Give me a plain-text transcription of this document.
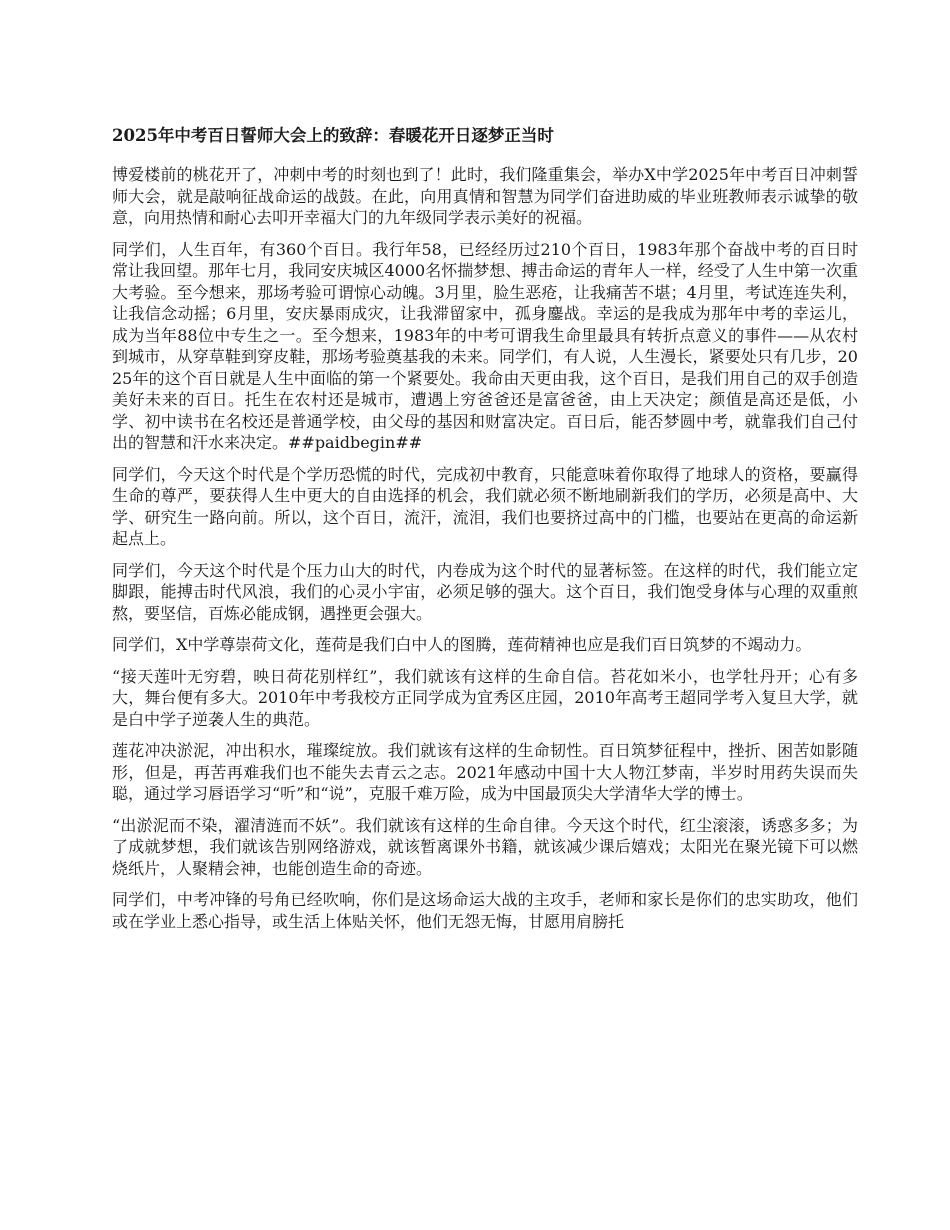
2025年中考百日誓师大会上的致辞：春暖花开日逐梦正当时

博爱楼前的桃花开了，冲刺中考的时刻也到了！此时，我们隆重集会，举办X中学2025年中考百日冲刺誓师大会，就是敲响征战命运的战鼓。在此，向用真情和智慧为同学们奋进助威的毕业班教师表示诚挚的敬意，向用热情和耐心去叩开幸福大门的九年级同学表示美好的祝福。

同学们，人生百年，有360个百日。我行年58，已经经历过210个百日，1983年那个奋战中考的百日时常让我回望。那年七月，我同安庆城区4000名怀揣梦想、搏击命运的青年人一样，经受了人生中第一次重大考验。至今想来，那场考验可谓惊心动魄。3月里，脸生恶疮，让我痛苦不堪；4月里，考试连连失利，让我信念动摇；6月里，安庆暴雨成灾，让我滞留家中，孤身鏖战。幸运的是我成为那年中考的幸运儿，成为当年88位中专生之一。至今想来，1983年的中考可谓我生命里最具有转折点意义的事件——从农村到城市，从穿草鞋到穿皮鞋，那场考验奠基我的未来。同学们，有人说，人生漫长，紧要处只有几步，2025年的这个百日就是人生中面临的第一个紧要处。我命由天更由我，这个百日，是我们用自己的双手创造美好未来的百日。托生在农村还是城市，遭遇上穷爸爸还是富爸爸，由上天决定；颜值是高还是低，小学、初中读书在名校还是普通学校，由父母的基因和财富决定。百日后，能否梦圆中考，就靠我们自己付出的智慧和汗水来决定。##paidbegin##

同学们，今天这个时代是个学历恐慌的时代，完成初中教育，只能意味着你取得了地球人的资格，要赢得生命的尊严，要获得人生中更大的自由选择的机会，我们就必须不断地刷新我们的学历，必须是高中、大学、研究生一路向前。所以，这个百日，流汗，流泪，我们也要挤过高中的门槛，也要站在更高的命运新起点上。

同学们，今天这个时代是个压力山大的时代，内卷成为这个时代的显著标签。在这样的时代，我们能立定脚跟，能搏击时代风浪，我们的心灵小宇宙，必须足够的强大。这个百日，我们饱受身体与心理的双重煎熬，要坚信，百炼必能成钢，遇挫更会强大。

同学们，X中学尊崇荷文化，莲荷是我们白中人的图腾，莲荷精神也应是我们百日筑梦的不竭动力。

“接天莲叶无穷碧，映日荷花别样红”，我们就该有这样的生命自信。苔花如米小，也学牡丹开；心有多大，舞台便有多大。2010年中考我校方正同学成为宜秀区庄园，2010年高考王超同学考入复旦大学，就是白中学子逆袭人生的典范。

莲花冲决淤泥，冲出积水，璀璨绽放。我们就该有这样的生命韧性。百日筑梦征程中，挫折、困苦如影随形，但是，再苦再难我们也不能失去青云之志。2021年感动中国十大人物江梦南，半岁时用药失误而失聪，通过学习唇语学习“听”和“说”，克服千难万险，成为中国最顶尖大学清华大学的博士。

“出淤泥而不染，濯清涟而不妖”。我们就该有这样的生命自律。今天这个时代，红尘滚滚，诱惑多多；为了成就梦想，我们就该告别网络游戏，就该暂离课外书籍，就该减少课后嬉戏；太阳光在聚光镜下可以燃烧纸片，人聚精会神，也能创造生命的奇迹。

同学们，中考冲锋的号角已经吹响，你们是这场命运大战的主攻手，老师和家长是你们的忠实助攻，他们或在学业上悉心指导，或生活上体贴关怀，他们无怨无悔，甘愿用肩膀托
